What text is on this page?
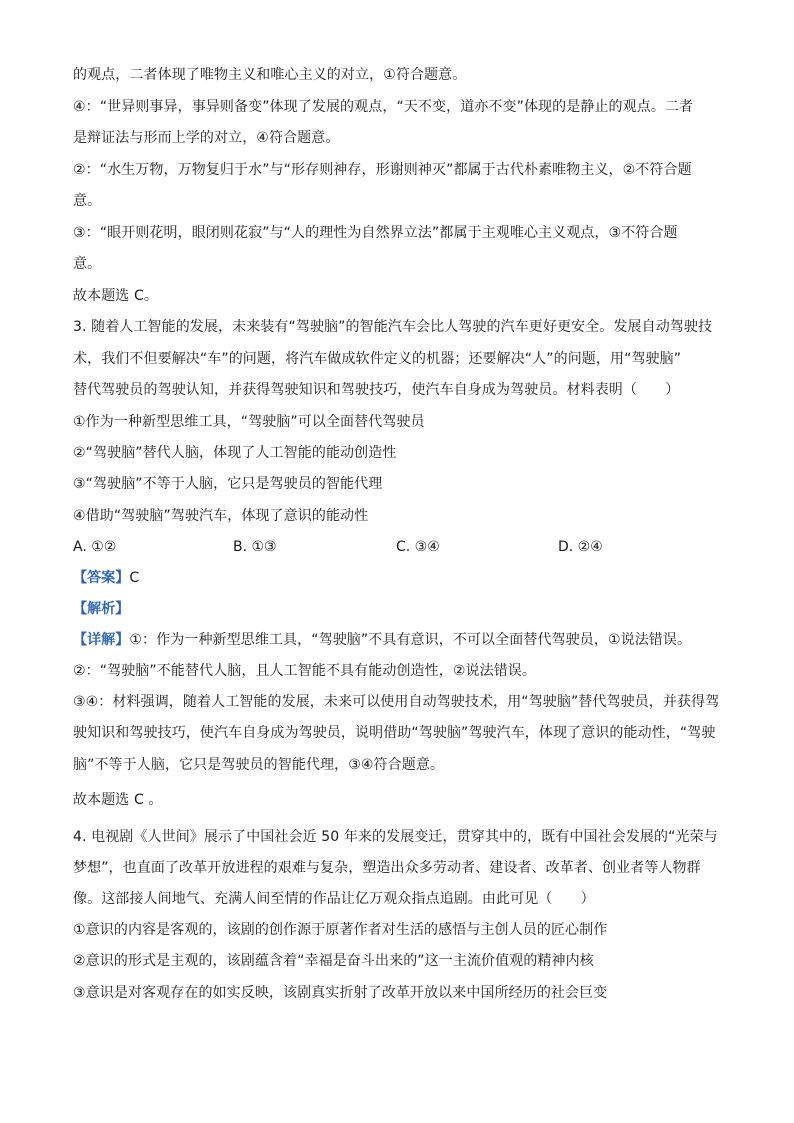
的观点，二者体现了唯物主义和唯心主义的对立，①符合题意。
④：“世异则事异，事异则备变”体现了发展的观点，“天不变，道亦不变”体现的是静止的观点。二者
是辩证法与形而上学的对立，④符合题意。
②：“水生万物，万物复归于水”与“形存则神存，形谢则神灭”都属于古代朴素唯物主义，②不符合题
意。
③：“眼开则花明，眼闭则花寂”与“人的理性为自然界立法”都属于主观唯心主义观点，③不符合题
意。
故本题选 C。
3. 随着人工智能的发展，未来装有“驾驶脑”的智能汽车会比人驾驶的汽车更好更安全。发展自动驾驶技
术，我们不但要解决“车”的问题，将汽车做成软件定义的机器；还要解决“人”的问题，用“驾驶脑”
替代驾驶员的驾驶认知，并获得驾驶知识和驾驶技巧，使汽车自身成为驾驶员。材料表明（　　）
①作为一种新型思维工具，“驾驶脑”可以全面替代驾驶员
②“驾驶脑”替代人脑，体现了人工智能的能动创造性
③“驾驶脑”不等于人脑，它只是驾驶员的智能代理
④借助“驾驶脑”驾驶汽车，体现了意识的能动性
A. ①②	B. ①③	C. ③④	D. ②④
【答案】C
【解析】
【详解】①：作为一种新型思维工具，“驾驶脑”不具有意识，不可以全面替代驾驶员，①说法错误。
②：“驾驶脑”不能替代人脑，且人工智能不具有能动创造性，②说法错误。
③④：材料强调，随着人工智能的发展，未来可以使用自动驾驶技术，用“驾驶脑”替代驾驶员，并获得驾
驶知识和驾驶技巧，使汽车自身成为驾驶员，说明借助“驾驶脑”驾驶汽车，体现了意识的能动性，“驾驶
脑”不等于人脑，它只是驾驶员的智能代理，③④符合题意。
故本题选 C 。
4. 电视剧《人世间》展示了中国社会近 50 年来的发展变迁，贯穿其中的，既有中国社会发展的“光荣与
梦想”，也直面了改革开放进程的艰难与复杂，塑造出众多劳动者、建设者、改革者、创业者等人物群
像。这部接人间地气、充满人间至情的作品让亿万观众指点追剧。由此可见（　　）
①意识的内容是客观的，该剧的创作源于原著作者对生活的感悟与主创人员的匠心制作
②意识的形式是主观的，该剧蕴含着“幸福是奋斗出来的”这一主流价值观的精神内核
③意识是对客观存在的如实反映，该剧真实折射了改革开放以来中国所经历的社会巨变
